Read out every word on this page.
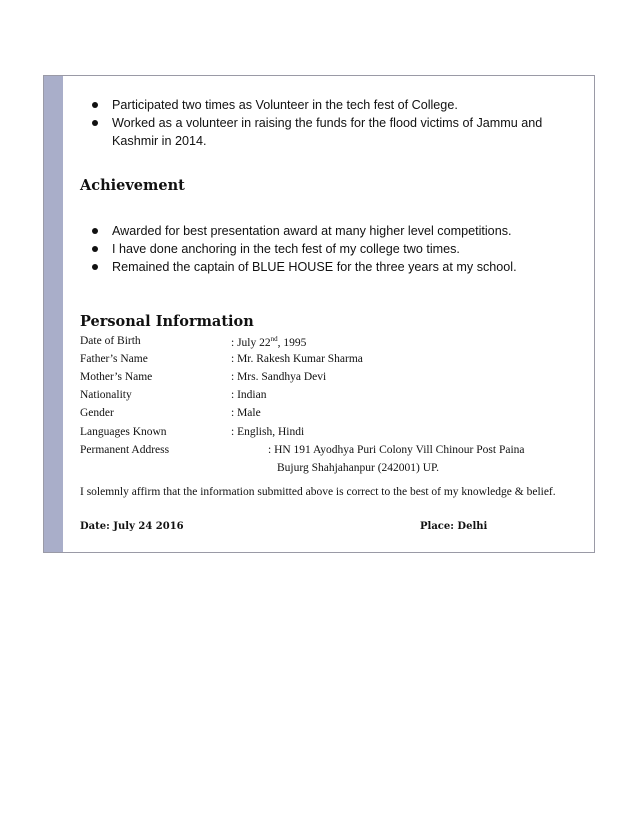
Participated two times as Volunteer in the tech fest of College.
Worked as a volunteer in raising the funds for the flood victims of Jammu and Kashmir in 2014.
Achievement
Awarded for best presentation award at many higher level competitions.
I have done anchoring in the tech fest of my college two times.
Remained the captain of BLUE HOUSE for the three years at my school.
Personal Information
Date of Birth	: July 22nd, 1995
Father’s Name	: Mr. Rakesh Kumar Sharma
Mother’s Name	: Mrs. Sandhya Devi
Nationality	: Indian
Gender	: Male
Languages Known	: English, Hindi
Permanent Address	: HN 191 Ayodhya Puri Colony Vill Chinour Post Paina
Bujurg Shahjahanpur (242001) UP.
I solemnly affirm that the information submitted above is correct to the best of my knowledge & belief.
Date: July 24 2016	Place: Delhi
